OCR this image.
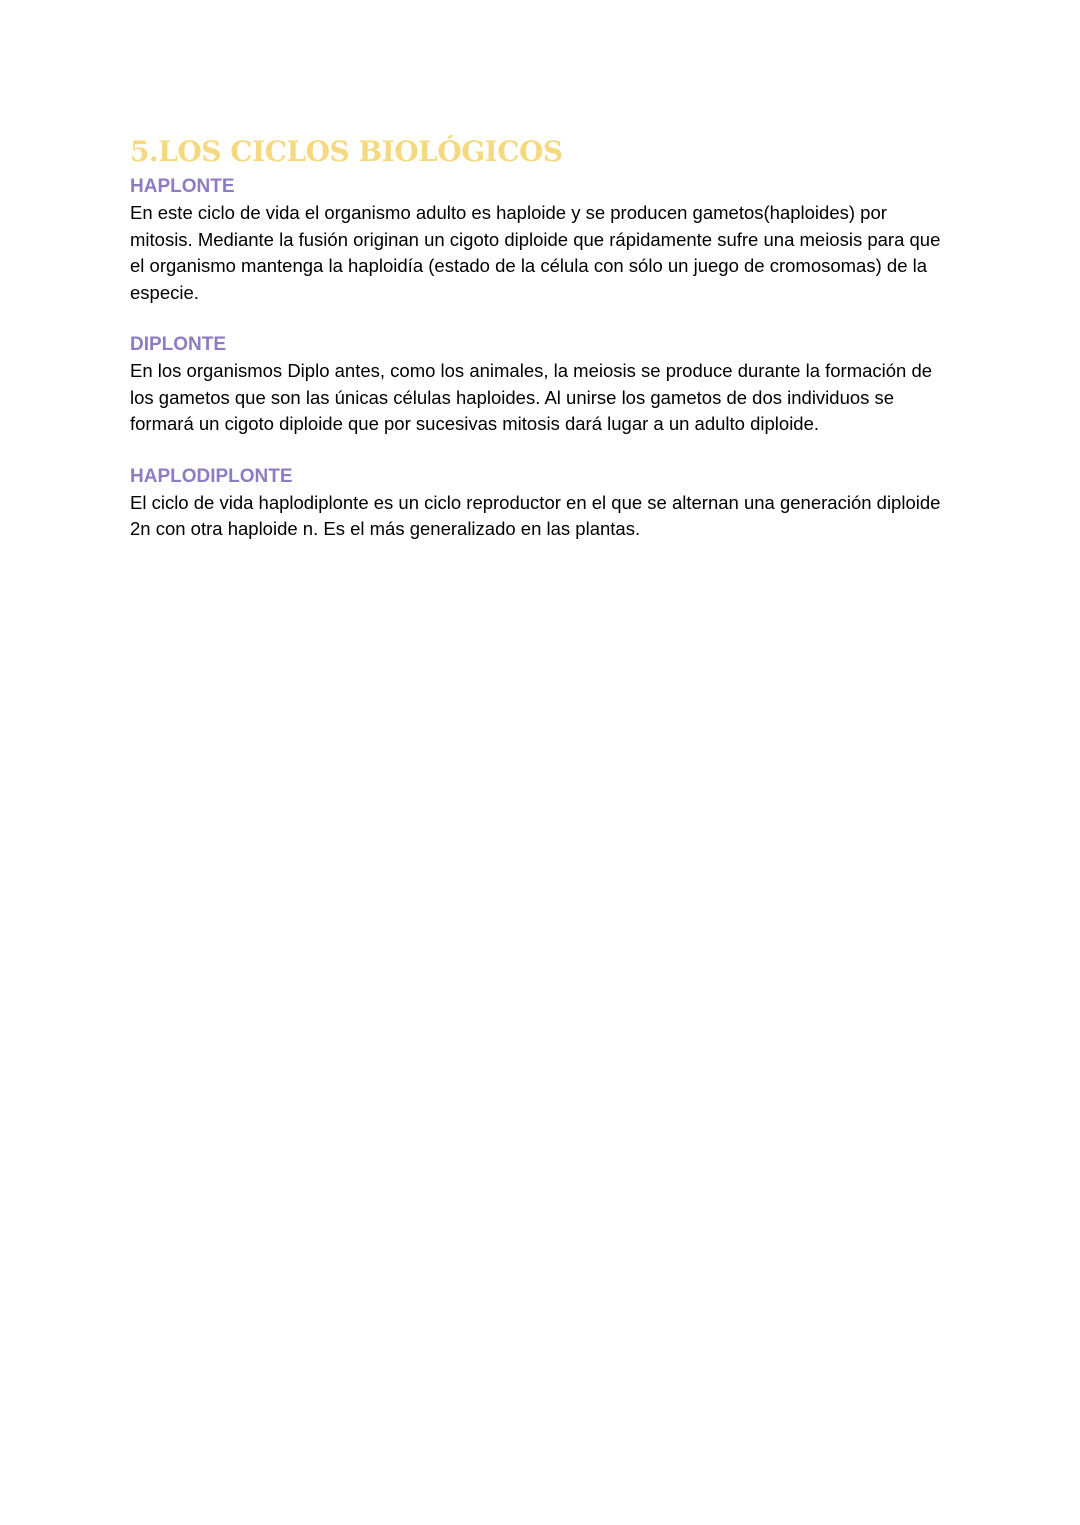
5.LOS CICLOS BIOLÓGICOS
HAPLONTE

En este ciclo de vida el organismo adulto es haploide y se producen gametos(haploides) por mitosis. Mediante la fusión originan un cigoto diploide que rápidamente sufre una meiosis para que el organismo mantenga la haploidía (estado de la célula con sólo un juego de cromosomas) de la especie.

DIPLONTE

En los organismos Diplo antes, como los animales, la meiosis se produce durante la formación de los gametos que son las únicas células haploides. Al unirse los gametos de dos individuos se formará un cigoto diploide que por sucesivas mitosis dará lugar a un adulto diploide.

HAPLODIPLONTE

El ciclo de vida haplodiplonte es un ciclo reproductor en el que se alternan una generación diploide 2n con otra haploide n. Es el más generalizado en las plantas.
